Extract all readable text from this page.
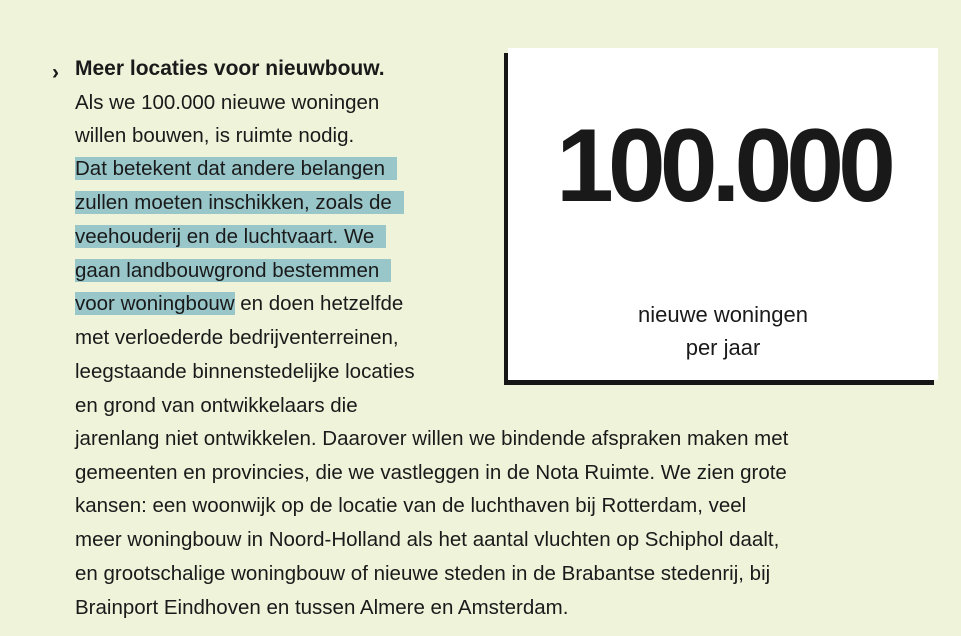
› Meer locaties voor nieuwbouw.
Als we 100.000 nieuwe woningen
willen bouwen, is ruimte nodig.
Dat betekent dat andere belangen
zullen moeten inschikken, zoals de
veehouderij en de luchtvaart. We
gaan landbouwgrond bestemmen
voor woningbouw en doen hetzelfde
met verloederde bedrijventerreinen,
leegstaande binnenstedelijke locaties
en grond van ontwikkelaars die
jarenlang niet ontwikkelen. Daarover willen we bindende afspraken maken met
gemeenten en provincies, die we vastleggen in de Nota Ruimte. We zien grote
kansen: een woonwijk op de locatie van de luchthaven bij Rotterdam, veel
meer woningbouw in Noord-Holland als het aantal vluchten op Schiphol daalt,
en grootschalige woningbouw of nieuwe steden in de Brabantse stedenrij, bij
Brainport Eindhoven en tussen Almere en Amsterdam.
100.000
nieuwe woningen
per jaar
